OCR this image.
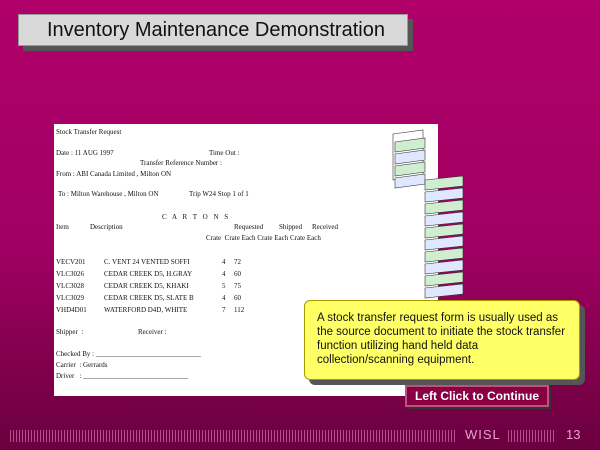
Inventory Maintenance Demonstration
Stock Transfer Request
Date : 11 AUG 1997	Time Out :
Transfer Reference Number :
From : ABI Canada Limited , Milton ON
To : Milton Warehouse , Milton ON	Trip W24 Stop 1 of 1
C A R T O N S
Item	Description	Requested Shipped Received
Crate  Crate Each Crate Each Crate Each
VECV201	C. VENT 24 VENTED SOFFI	4 72
VLC3026	CEDAR CREEK D5, H.GRAY	4 60
VLC3028	CEDAR CREEK D5, KHAKI	5 75
VLC3029	CEDAR CREEK D5, SLATE B	4 60
VHD4D01 WATERFORD D4D, WHITE	7 112
Shipper  :	Receiver :
Checked By : ______________________________
Carrier  : Gerrards
Driver   : ______________________________
A stock transfer request form is usually used as the source document to initiate the stock transfer function utilizing hand held data collection/scanning equipment.
Left Click to Continue
WISL	13
